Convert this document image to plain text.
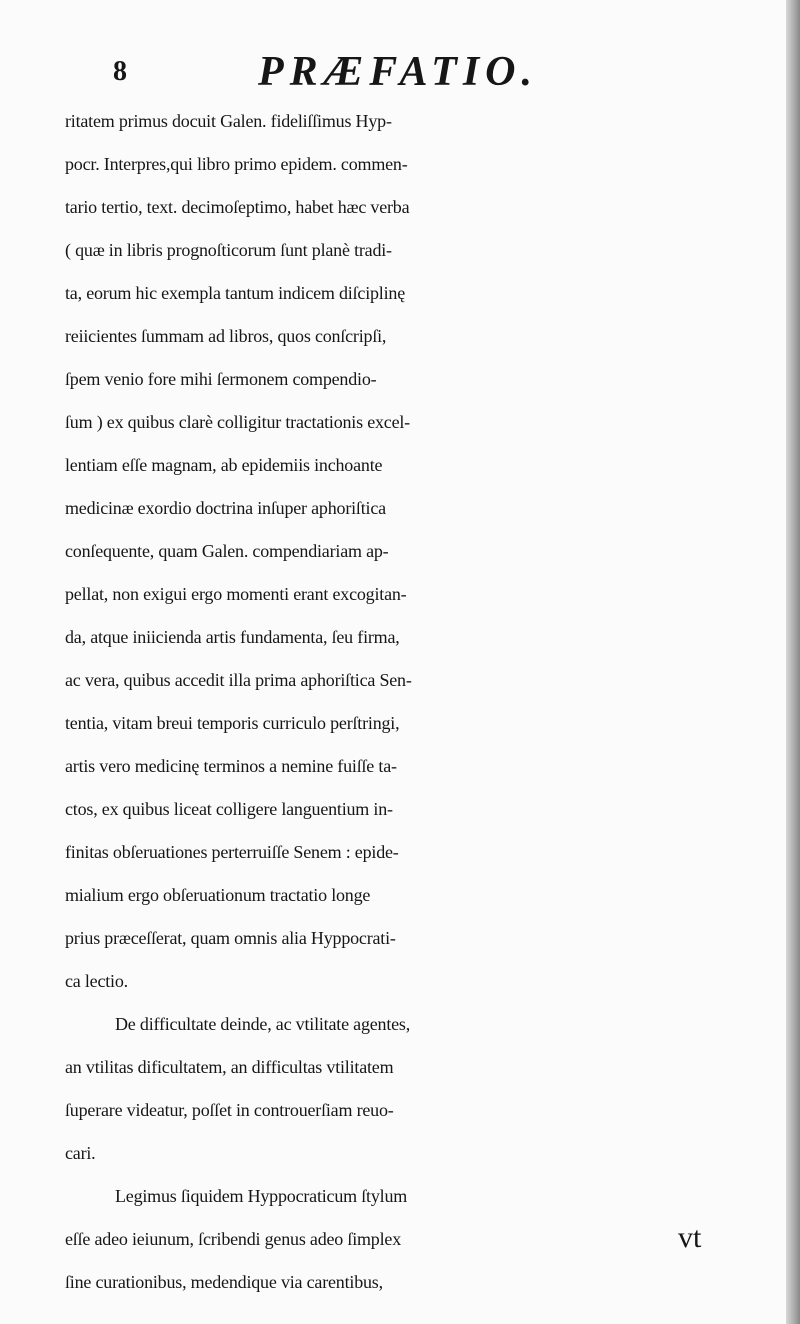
8	PRÆFATIO.
ritatem primus docuit Galen. fideliſſimus Hyp-
pocr. Interpres,qui libro primo epidem. commen-
tario tertio, text. decimoſeptimo, habet hæc verba
( quæ in libris prognoſticorum ſunt planè tradi-
ta, eorum hic exempla tantum indicem diſciplinę
reiicientes ſummam ad libros, quos conſcripſi,
ſpem venio fore mihi ſermonem compendio-
ſum ) ex quibus clarè colligitur tractationis excel-
lentiam eſſe magnam, ab epidemiis inchoante
medicinæ exordio doctrina inſuper aphoriſtica
conſequente, quam Galen. compendiariam ap-
pellat, non exigui ergo momenti erant excogitan-
da, atque iniicienda artis fundamenta, ſeu firma,
ac vera, quibus accedit illa prima aphoriſtica Sen-
tentia, vitam breui temporis curriculo perſtringi,
artis vero medicinę terminos a nemine fuiſſe ta-
ctos, ex quibus liceat colligere languentium in-
finitas obſeruationes perterruiſſe Senem : epide-
mialium ergo obſeruationum tractatio longe
prius præceſſerat, quam omnis alia Hyppocrati-
ca lectio.
De difficultate deinde, ac vtilitate agentes,
an vtilitas dificultatem, an difficultas vtilitatem
ſuperare videatur, poſſet in controuerſiam reuo-
cari.
Legimus ſiquidem Hyppocraticum ſtylum
eſſe adeo ieiunum, ſcribendi genus adeo ſimplex
ſine curationibus, medendique via carentibus,
vt
